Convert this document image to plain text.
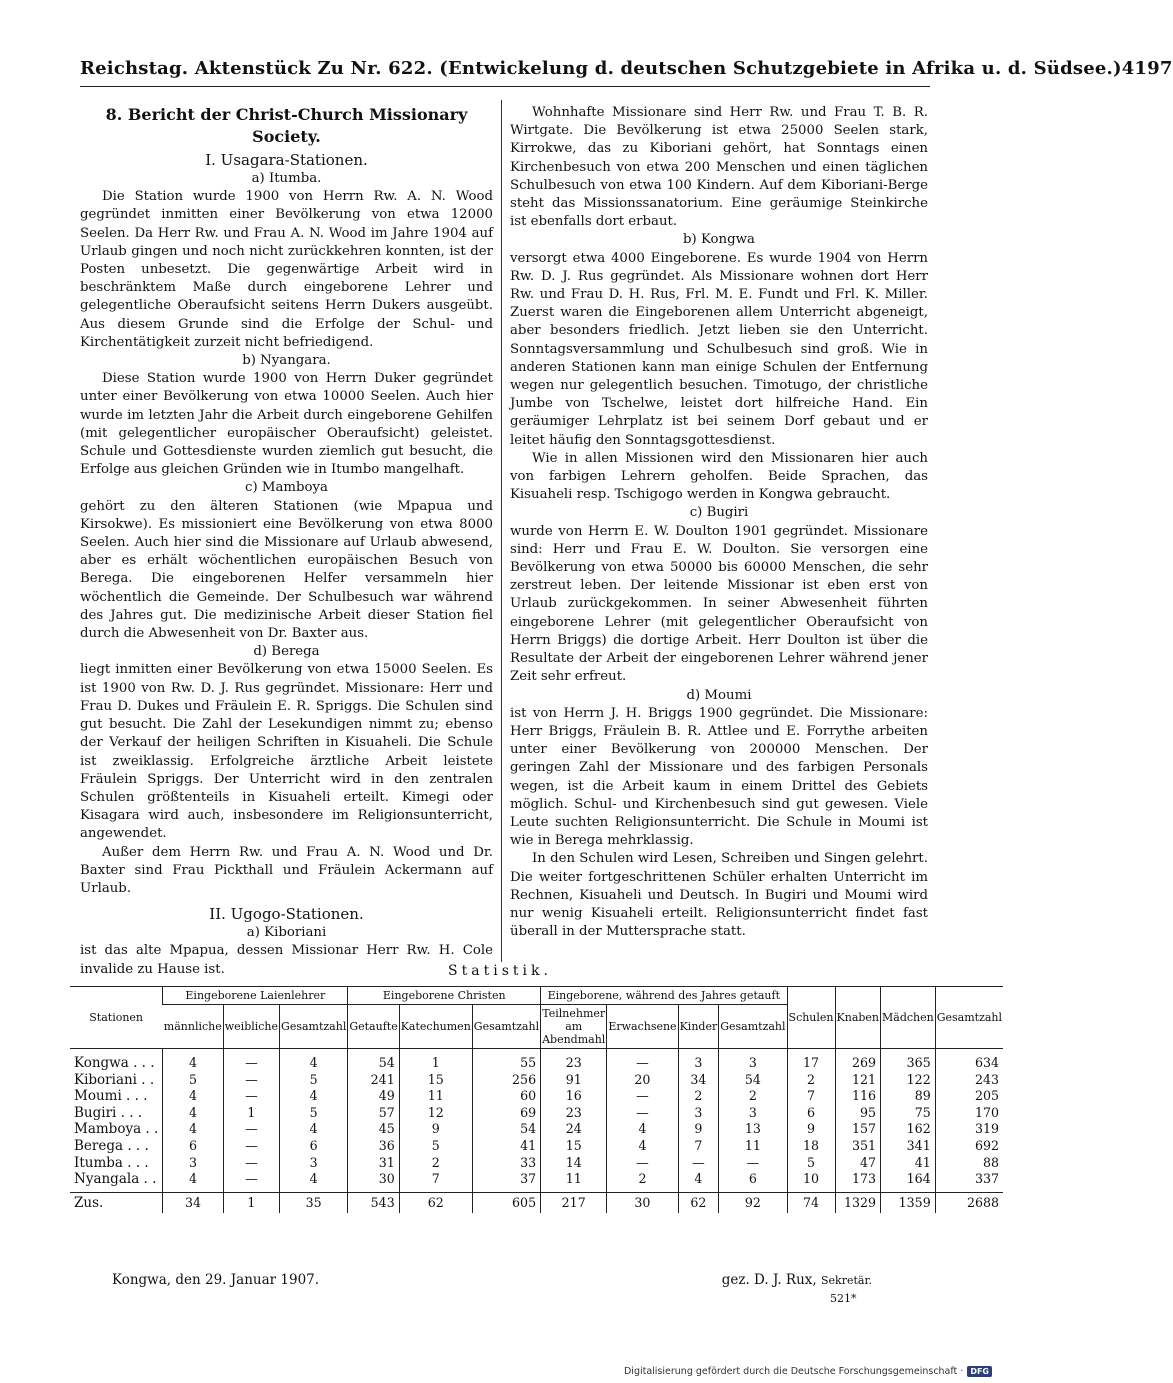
Reichstag. Aktenstück Zu Nr. 622. (Entwickelung d. deutschen Schutzgebiete in Afrika u. d. Südsee.) 4197
8. Bericht der Christ-Church Missionary Society.
I. Usagara-Stationen.
a) Itumba.

Die Station wurde 1900 von Herrn Rw. A. N. Wood gegründet inmitten einer Bevölkerung von etwa 12000 Seelen. Da Herr Rw. und Frau A. N. Wood im Jahre 1904 auf Urlaub gingen und noch nicht zurückkehren konnten, ist der Posten unbesetzt. Die gegenwärtige Arbeit wird in beschränktem Maße durch eingeborene Lehrer und gelegentliche Oberaufsicht seitens Herrn Dukers ausgeübt. Aus diesem Grunde sind die Erfolge der Schul- und Kirchentätigkeit zurzeit nicht befriedigend.

b) Nyangara.

Diese Station wurde 1900 von Herrn Duker gegründet unter einer Bevölkerung von etwa 10000 Seelen. Auch hier wurde im letzten Jahr die Arbeit durch eingeborene Gehilfen (mit gelegentlicher europäischer Oberaufsicht) geleistet. Schule und Gottesdienste wurden ziemlich gut besucht, die Erfolge aus gleichen Gründen wie in Itumbo mangelhaft.

c) Mamboya

gehört zu den älteren Stationen (wie Mpapua und Kirsokwe). Es missioniert eine Bevölkerung von etwa 8000 Seelen. Auch hier sind die Missionare auf Urlaub abwesend, aber es erhält wöchentlichen europäischen Besuch von Berega. Die eingeborenen Helfer versammeln hier wöchentlich die Gemeinde. Der Schulbesuch war während des Jahres gut. Die medizinische Arbeit dieser Station fiel durch die Abwesenheit von Dr. Baxter aus.

d) Berega

liegt inmitten einer Bevölkerung von etwa 15000 Seelen. Es ist 1900 von Rw. D. J. Rus gegründet. Missionare: Herr und Frau D. Dukes und Fräulein E. R. Spriggs. Die Schulen sind gut besucht. Die Zahl der Lesekundigen nimmt zu; ebenso der Verkauf der heiligen Schriften in Kisuaheli. Die Schule ist zweiklassig. Erfolgreiche ärztliche Arbeit leistete Fräulein Spriggs. Der Unterricht wird in den zentralen Schulen größtenteils in Kisuaheli erteilt. Kimegi oder Kisagara wird auch, insbesondere im Religionsunterricht, angewendet.

Außer dem Herrn Rw. und Frau A. N. Wood und Dr. Baxter sind Frau Pickthall und Fräulein Ackermann auf Urlaub.

II. Ugogo-Stationen.
a) Kiboriani

ist das alte Mpapua, dessen Missionar Herr Rw. H. Cole invalide zu Hause ist.

Wohnhafte Missionare sind Herr Rw. und Frau T. B. R. Wirtgate. Die Bevölkerung ist etwa 25000 Seelen stark, Kirrokwe, das zu Kiboriani gehört, hat Sonntags einen Kirchenbesuch von etwa 200 Menschen und einen täglichen Schulbesuch von etwa 100 Kindern. Auf dem Kiboriani-Berge steht das Missionssanatorium. Eine geräumige Steinkirche ist ebenfalls dort erbaut.

b) Kongwa

versorgt etwa 4000 Eingeborene. Es wurde 1904 von Herrn Rw. D. J. Rus gegründet. Als Missionare wohnen dort Herr Rw. und Frau D. H. Rus, Frl. M. E. Fundt und Frl. K. Miller. Zuerst waren die Eingeborenen allem Unterricht abgeneigt, aber besonders friedlich. Jetzt lieben sie den Unterricht. Sonntagsversammlung und Schulbesuch sind groß. Wie in anderen Stationen kann man einige Schulen der Entfernung wegen nur gelegentlich besuchen. Timotugo, der christliche Jumbe von Tschelwe, leistet dort hilfreiche Hand. Ein geräumiger Lehrplatz ist bei seinem Dorf gebaut und er leitet häufig den Sonntagsgottesdienst.

Wie in allen Missionen wird den Missionaren hier auch von farbigen Lehrern geholfen. Beide Sprachen, das Kisuaheli resp. Tschigogo werden in Kongwa gebraucht.

c) Bugiri

wurde von Herrn E. W. Doulton 1901 gegründet. Missionare sind: Herr und Frau E. W. Doulton. Sie versorgen eine Bevölkerung von etwa 50000 bis 60000 Menschen, die sehr zerstreut leben. Der leitende Missionar ist eben erst von Urlaub zurückgekommen. In seiner Abwesenheit führten eingeborene Lehrer (mit gelegentlicher Oberaufsicht von Herrn Briggs) die dortige Arbeit. Herr Doulton ist über die Resultate der Arbeit der eingeborenen Lehrer während jener Zeit sehr erfreut.

d) Moumi

ist von Herrn J. H. Briggs 1900 gegründet. Die Missionare: Herr Briggs, Fräulein B. R. Attlee und E. Forrythe arbeiten unter einer Bevölkerung von 200000 Menschen. Der geringen Zahl der Missionare und des farbigen Personals wegen, ist die Arbeit kaum in einem Drittel des Gebiets möglich. Schul- und Kirchenbesuch sind gut gewesen. Viele Leute suchten Religionsunterricht. Die Schule in Moumi ist wie in Berega mehrklassig.

In den Schulen wird Lesen, Schreiben und Singen gelehrt. Die weiter fortgeschrittenen Schüler erhalten Unterricht im Rechnen, Kisuaheli und Deutsch. In Bugiri und Moumi wird nur wenig Kisuaheli erteilt. Religionsunterricht findet fast überall in der Muttersprache statt.

Statistik.
Stationen	Eingeborene Laienlehrer			Eingeborene Christen			Eingeborene, während des Jahres getauft				Schulen	Knaben	Mädchen	Gesamtzahl
	männliche	weibliche	Gesamtzahl	Getaufte	Katechumen	Gesamtzahl	Teilnehmer am Abendmahl	Erwachsene	Kinder	Gesamtzahl				
Kongwa . . .	4	—	4	54	1	55	23	—	3	3	17	269	365	634
Kiboriani . .	5	—	5	241	15	256	91	20	34	54	2	121	122	243
Moumi . . .	4	—	4	49	11	60	16	—	2	2	7	116	89	205
Bugiri . . .	4	1	5	57	12	69	23	—	3	3	6	95	75	170
Mamboya . .	4	—	4	45	9	54	24	4	9	13	9	157	162	319
Berega . . .	6	—	6	36	5	41	15	4	7	11	18	351	341	692
Itumba . . .	3	—	3	31	2	33	14	—	—	—	5	47	41	88
Nyangala . .	4	—	4	30	7	37	11	2	4	6	10	173	164	337
Zus.	34	1	35	543	62	605	217	30	62	92	74	1329	1359	2688
Kongwa, den 29. Januar 1907.	gez. D. J. Rux, Sekretär.
521*
Digitalisierung gefördert durch die Deutsche Forschungsgemeinschaft · DFG
